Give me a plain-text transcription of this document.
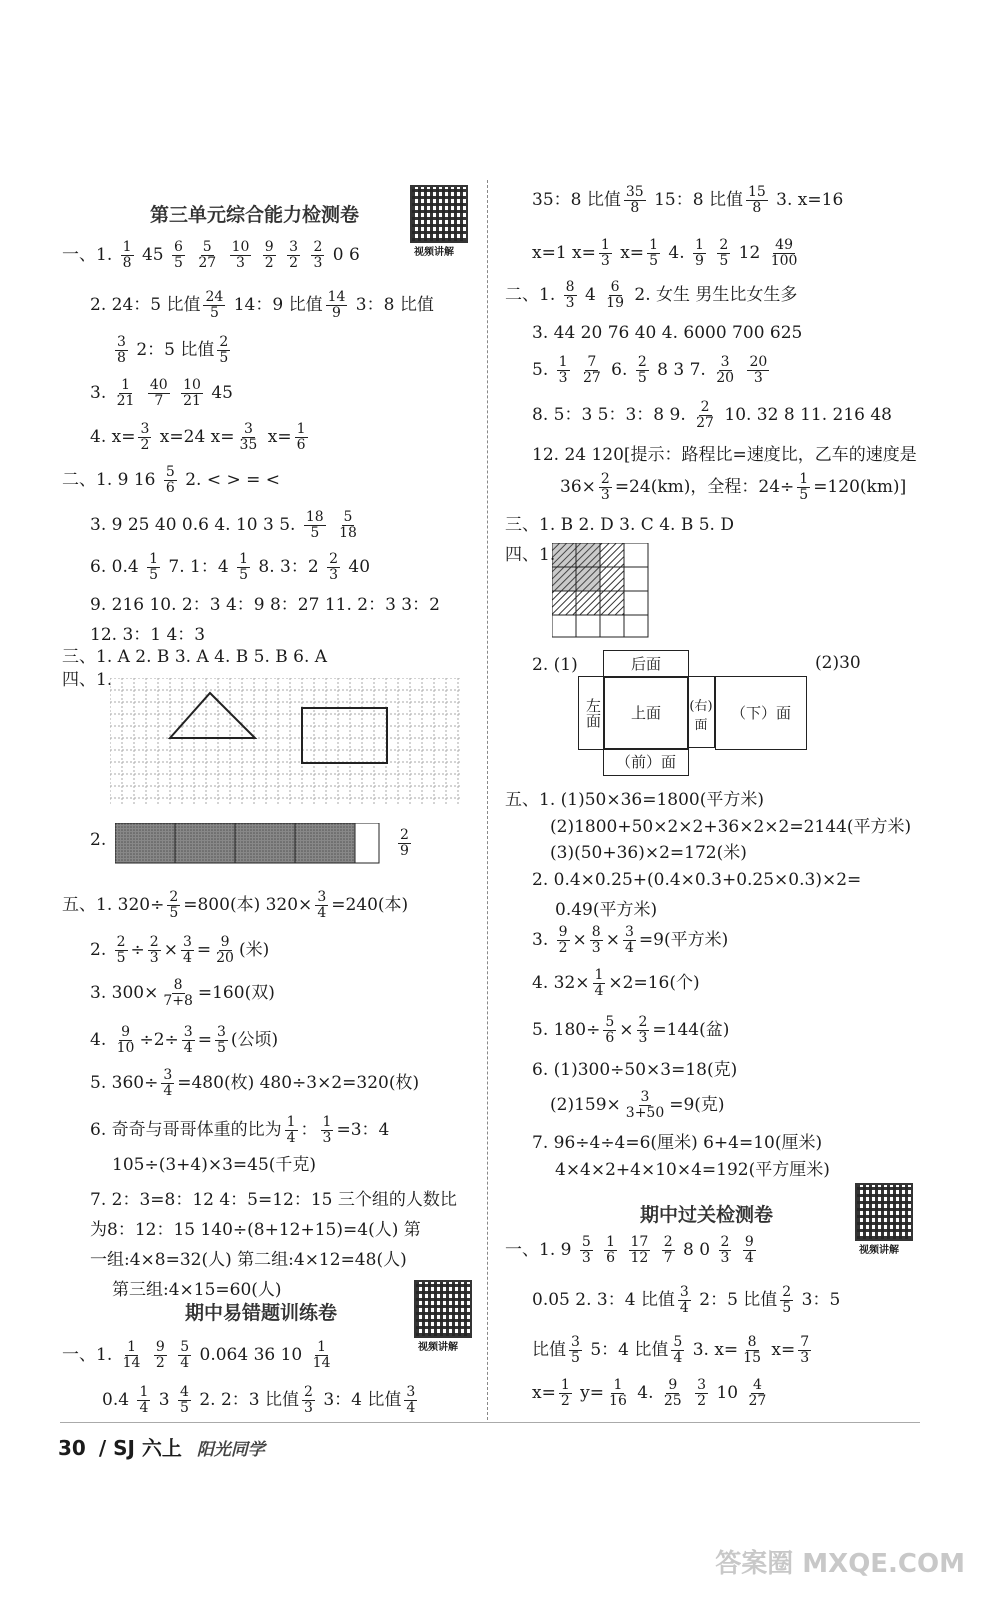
第三单元综合能力检测卷
视频讲解
一、1. $\frac{1}{8} 45 \frac{6}{5}$
$\frac{5}{27}$
$\frac{10}{3}$
$\frac{9}{2}$
$\frac{3}{2}$
$\frac{2}{3} 0$ 6
2. 24：5 比值 $\frac{24}{5} 14$：9 比值 $\frac{14}{9} 3$：8 比值
$\frac{3}{8} 2$：5 比值 $\frac{2}{5}$
3. $\frac{1}{21}$
$\frac{40}{7}$
$\frac{10}{21} 45$
4. $x= \frac{3}{2} x=24$ $x= \frac{3}{35} x= \frac{1}{6}$
二、1. 9 $16 \frac{5}{6} 2$. < > = <
3. 9 25 40 0.6 4. 10 3 5. $\frac{18}{5}$
$\frac{5}{18}$
6. $0.4 \frac{1}{5} 7$. 1：$4 \frac{1}{5} 8$. 3：$2 \frac{2}{3} 40$
9. 216 10. 2：3 4：9 8：27 11. 2：3 3：2
12. 3：1 4：3
三、1. A 2. B 3. A 4. B 5. B 6. A
四、1.
2.
五、1. $320\div \frac{2}{5} =800$(本) $320\times \frac{3}{4} =240$(本)
2. $\frac{2}{5} \div \frac{2}{3} \times \frac{3}{4} = \frac{9}{20}$ (米)
3. $300\times \frac{8}{7+8} =160$(双)
4. $\frac{9}{10} \div 2\div \frac{3}{4} = \frac{3}{5}$ (公顷)
5. $360\div \frac{3}{4} =480$(枚) 480÷3×2=320(枚)
6. 奇奇与哥哥体重的比为 $\frac{1}{4}$ ： $\frac{1}{3} =3$：4
105÷(3+4)×3=45(千克)
7. 2：3=8：12 4：5=12：15 三个组的人数比
为8：12：15 140÷(8+12+15)=4(人) 第
一组:4×8=32(人) 第二组:4×12=48(人)
第三组:4×15=60(人)
一、1. $\frac{1}{14}$
$\frac{9}{2}$
$\frac{5}{4} 0.064$ 36 $10 \frac{1}{14}$
$0.4 \frac{1}{4} 3 \frac{4}{5} 2$. 2：3 比值 $\frac{2}{3} 3$：4 比值 $\frac{3}{4}$
期中易错题训练卷
视频讲解
后面
左面	上面	(右)面
（下）面
（前）面
期中过关检测卷
视频讲解
35：8 比值 $\frac{35}{8} 15$：8 比值 $\frac{15}{8} 3$. x=16
x=1 $x= \frac{1}{3} x= \frac{1}{5} 4$. $\frac{1}{9}$
$\frac{2}{5} 12 \frac{49}{100}$
二、1. $\frac{8}{3} 4 \frac{6}{19} 2$. 女生 男生比女生多
3. 44 20 76 40 4. 6000 700 625
5. $\frac{1}{3}$
$\frac{7}{27} 6$. $\frac{2}{5} 8$ 3 7. $\frac{3}{20}$
$\frac{20}{3}$
8. 5：3 5：3：8 9. $\frac{2}{27} 10$. 32 8 11. 216 48
12. 24 120[提示：路程比=速度比，乙车的速度是
$36\times \frac{2}{3} =24(km)$，全程：$24\div \frac{1}{5} =120(km)$]
三、1. B 2. D 3. C 4. B 5. D
四、1.
2. (1)
五、1. (1)50×36=1800(平方米)
(2)1800+50×2×2+36×2×2=2144(平方米)
(3)(50+36)×2=172(米)
2. 0.4×0.25+(0.4×0.3+0.25×0.3)×2=
0.49(平方米)
3. $\frac{9}{2} \times \frac{8}{3} \times \frac{3}{4} =9$(平方米)
4. $32\times \frac{1}{4} \times 2=16$(个)
5. $180\div \frac{5}{6} \times \frac{2}{3} =144$(盆)
6. (1)300÷50×3=18(克)
$(2)159\times \frac{3}{3+50} =9$(克)
7. 96÷4÷4=6(厘米) 6+4=10(厘米)
4×4×2+4×10×4=192(平方厘米)
一、1. $9 \frac{5}{3}$
$\frac{1}{6}$
$\frac{17}{12}$
$\frac{2}{7} 8$ $0 \frac{2}{3}$
$\frac{9}{4}$
0.05 2. 3：4 比值 $\frac{3}{4} 2$：5 比值 $\frac{2}{5} 3$：5
比值 $\frac{3}{5} 5$：4 比值 $\frac{5}{4} 3$. $x= \frac{8}{15} x= \frac{7}{3}$
$x= \frac{1}{2} y= \frac{1}{16} 4$. $\frac{9}{25}$
$\frac{3}{2} 10 \frac{4}{27}$
30 / SJ 六上 阳光同学
答案圈 MXQE.COM
(2)30
$\frac{2}{9}$
